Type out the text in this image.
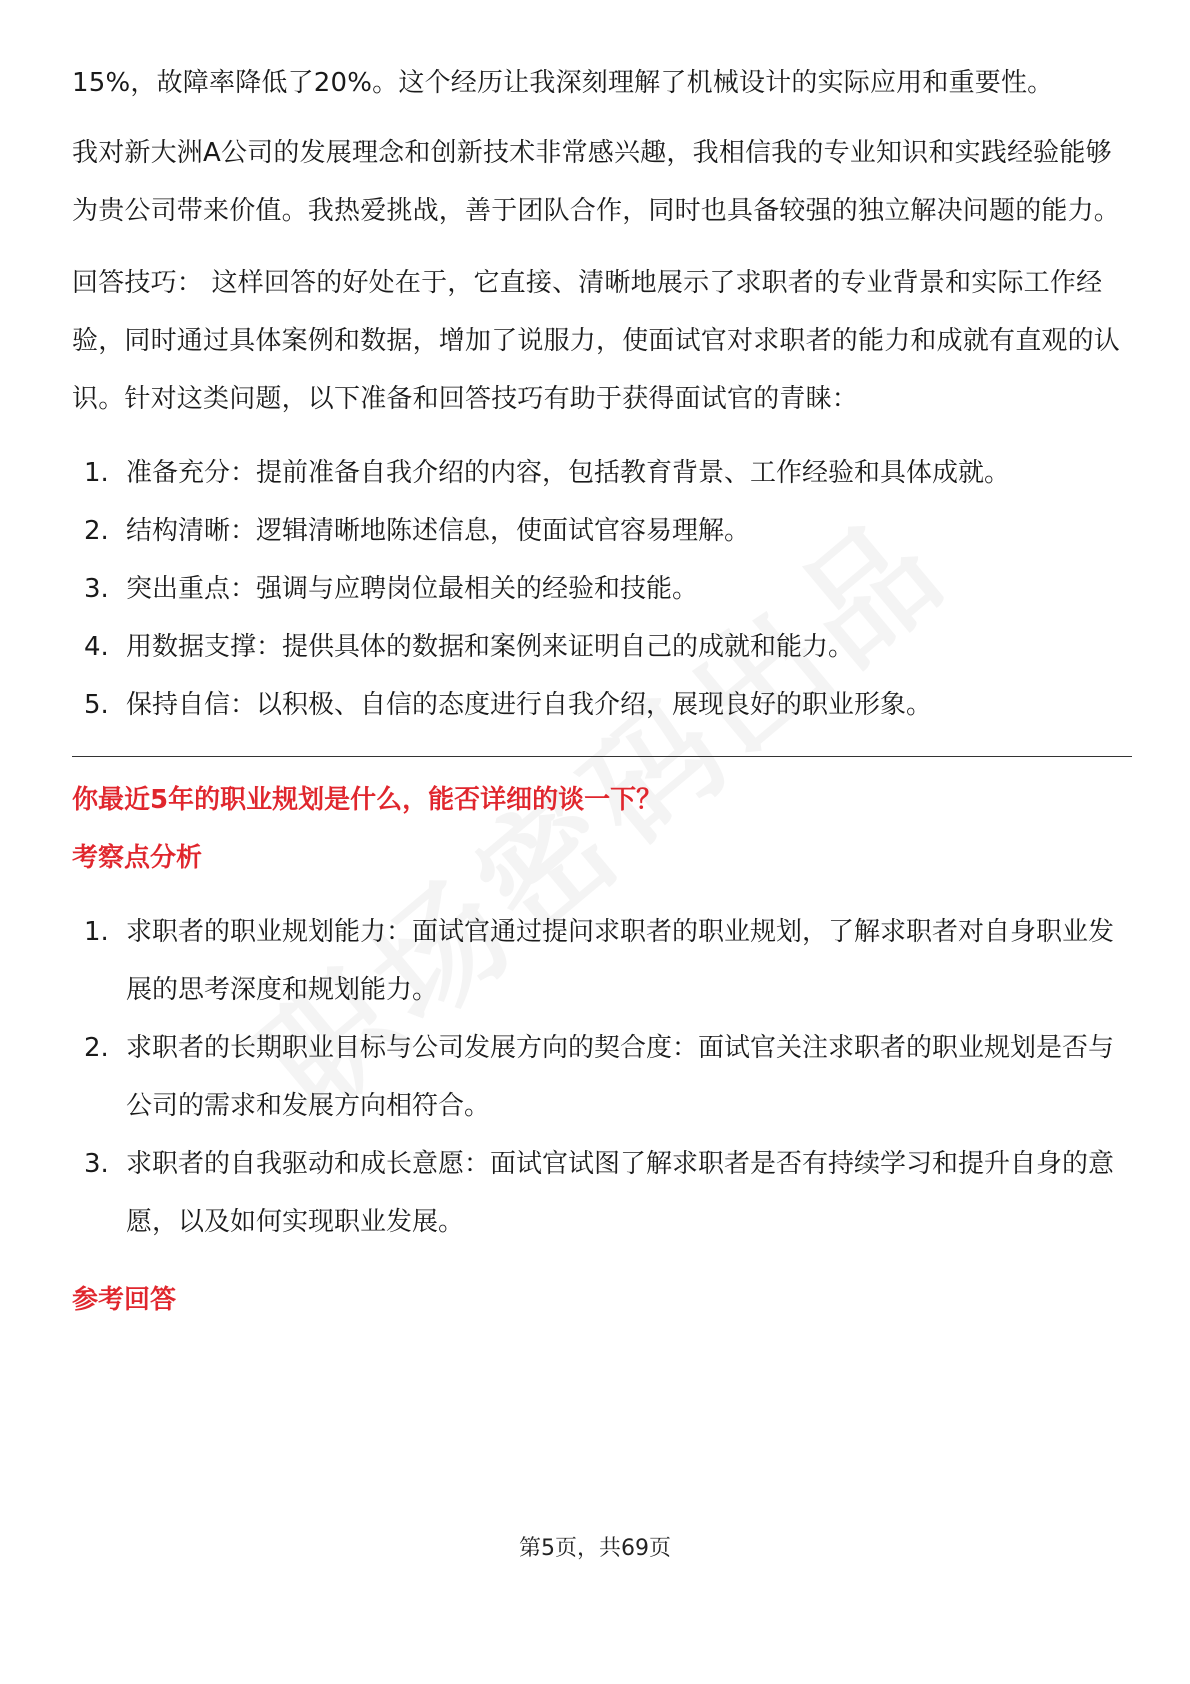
15%，故障率降低了20%。这个经历让我深刻理解了机械设计的实际应用和重要性。

我对新大洲A公司的发展理念和创新技术非常感兴趣，我相信我的专业知识和实践经验能够为贵公司带来价值。我热爱挑战，善于团队合作，同时也具备较强的独立解决问题的能力。

回答技巧： 这样回答的好处在于，它直接、清晰地展示了求职者的专业背景和实际工作经验，同时通过具体案例和数据，增加了说服力，使面试官对求职者的能力和成就有直观的认识。针对这类问题，以下准备和回答技巧有助于获得面试官的青睐：

1. 准备充分：提前准备自我介绍的内容，包括教育背景、工作经验和具体成就。
2. 结构清晰：逻辑清晰地陈述信息，使面试官容易理解。
3. 突出重点：强调与应聘岗位最相关的经验和技能。
4. 用数据支撑：提供具体的数据和案例来证明自己的成就和能力。
5. 保持自信：以积极、自信的态度进行自我介绍，展现良好的职业形象。
你最近5年的职业规划是什么，能否详细的谈一下？
考察点分析
1. 求职者的职业规划能力：面试官通过提问求职者的职业规划，了解求职者对自身职业发展的思考深度和规划能力。
2. 求职者的长期职业目标与公司发展方向的契合度：面试官关注求职者的职业规划是否与公司的需求和发展方向相符合。
3. 求职者的自我驱动和成长意愿：面试官试图了解求职者是否有持续学习和提升自身的意愿，以及如何实现职业发展。
参考回答
第5页，共69页
